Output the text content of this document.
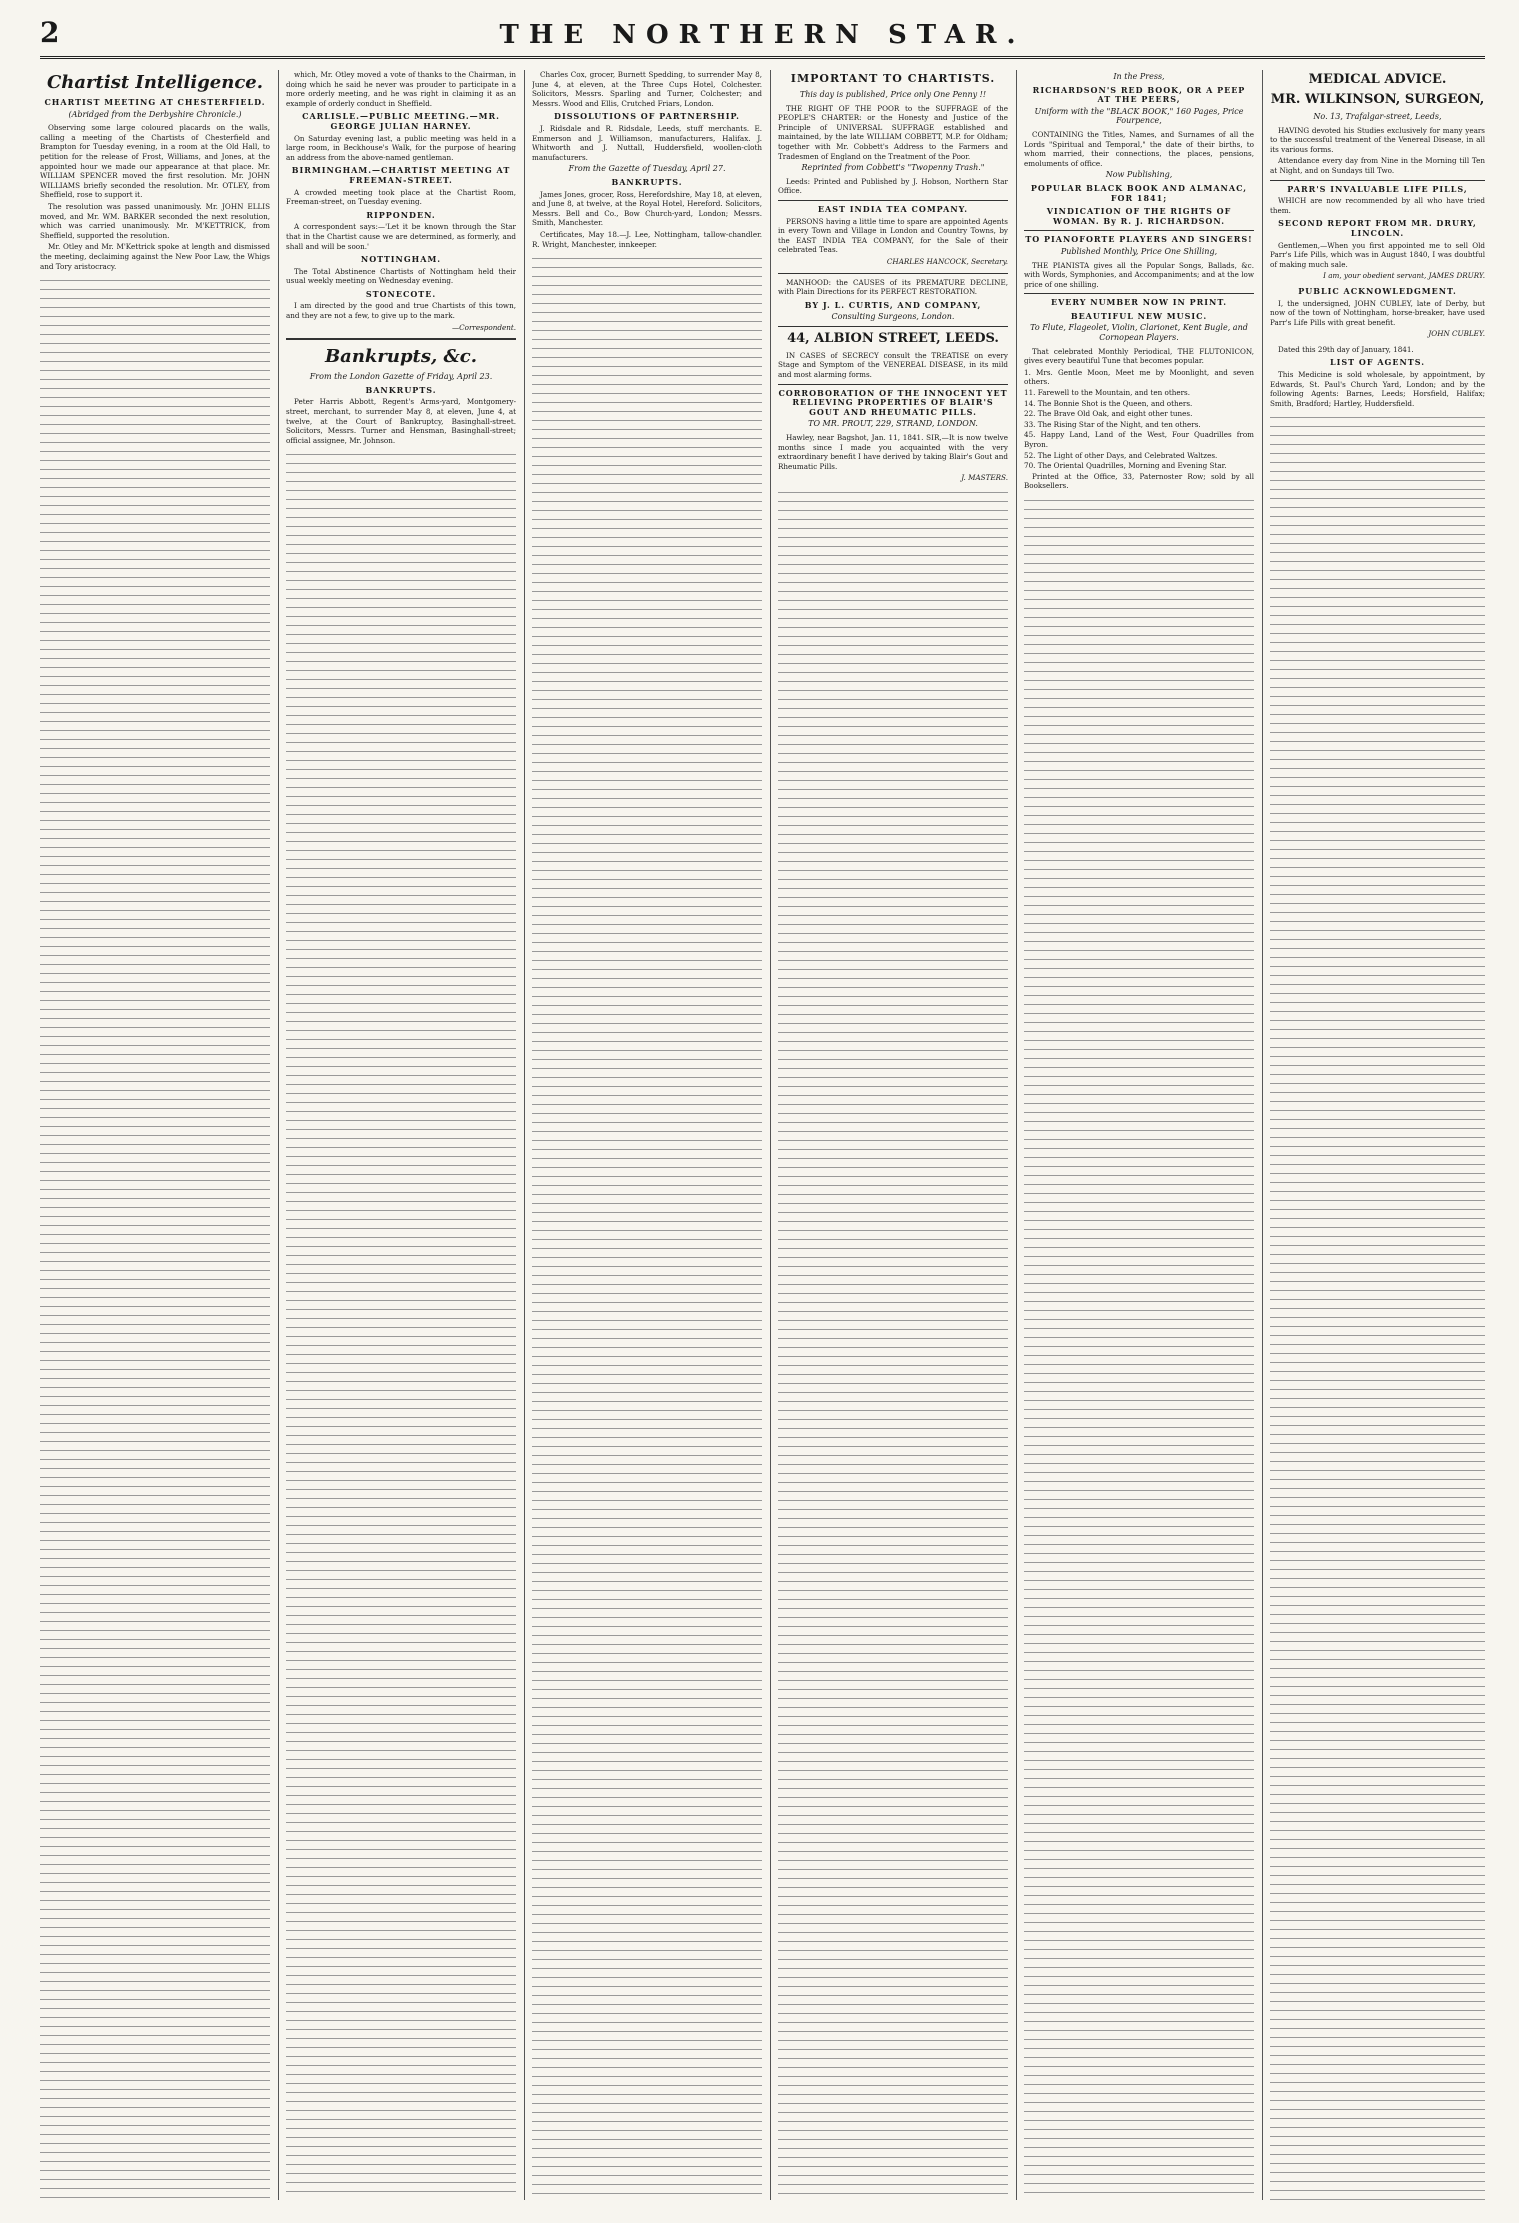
2	THE NORTHERN STAR.
Chartist Intelligence.
CHARTIST MEETING AT CHESTERFIELD.
(Abridged from the Derbyshire Chronicle.)

Observing some large coloured placards on the walls, calling a meeting of the Chartists of Chesterfield and Brampton for Tuesday evening, in a room at the Old Hall, to petition for the release of Frost, Williams, and Jones, at the appointed hour we made our appearance at that place. Mr. WILLIAM SPENCER moved the first resolution. Mr. JOHN WILLIAMS briefly seconded the resolution. Mr. OTLEY, from Sheffield, rose to support it.

The resolution was passed unanimously. Mr. JOHN ELLIS moved, and Mr. WM. BARKER seconded the next resolution, which was carried unanimously. Mr. M'KETTRICK, from Sheffield, supported the resolution.

Mr. Otley and Mr. M'Kettrick spoke at length and dismissed the meeting, declaiming against the New Poor Law, the Whigs and Tory aristocracy.

which, Mr. Otley moved a vote of thanks to the Chairman, in doing which he said he never was prouder to participate in a more orderly meeting, and he was right in claiming it as an example of orderly conduct in Sheffield.

CARLISLE.—PUBLIC MEETING.—MR. GEORGE JULIAN HARNEY.

On Saturday evening last, a public meeting was held in a large room, in Beckhouse's Walk, for the purpose of hearing an address from the above-named gentleman.

BIRMINGHAM.—CHARTIST MEETING AT FREEMAN-STREET.

A crowded meeting took place at the Chartist Room, Freeman-street, on Tuesday evening.

RIPPONDEN.

A correspondent says:—'Let it be known through the Star that in the Chartist cause we are determined, as formerly, and shall and will be soon.'

NOTTINGHAM.

The Total Abstinence Chartists of Nottingham held their usual weekly meeting on Wednesday evening.

STONECOTE.

I am directed by the good and true Chartists of this town, and they are not a few, to give up to the mark.

—Correspondent.
Bankrupts, &c.
From the London Gazette of Friday, April 23.
BANKRUPTS.

Peter Harris Abbott, Regent's Arms-yard, Montgomery-street, merchant, to surrender May 8, at eleven, June 4, at twelve, at the Court of Bankruptcy, Basinghall-street. Solicitors, Messrs. Turner and Hensman, Basinghall-street; official assignee, Mr. Johnson.

Charles Cox, grocer, Burnett Spedding, to surrender May 8, June 4, at eleven, at the Three Cups Hotel, Colchester. Solicitors, Messrs. Sparling and Turner, Colchester; and Messrs. Wood and Ellis, Crutched Friars, London.

DISSOLUTIONS OF PARTNERSHIP.

J. Ridsdale and R. Ridsdale, Leeds, stuff merchants. E. Emmerson and J. Williamson, manufacturers, Halifax. J. Whitworth and J. Nuttall, Huddersfield, woollen-cloth manufacturers.

From the Gazette of Tuesday, April 27.
BANKRUPTS.

James Jones, grocer, Ross, Herefordshire, May 18, at eleven, and June 8, at twelve, at the Royal Hotel, Hereford. Solicitors, Messrs. Bell and Co., Bow Church-yard, London; Messrs. Smith, Manchester.

Certificates, May 18.—J. Lee, Nottingham, tallow-chandler. R. Wright, Manchester, innkeeper.

IMPORTANT TO CHARTISTS.
This day is published, Price only One Penny !!

THE RIGHT OF THE POOR to the SUFFRAGE of the PEOPLE'S CHARTER: or the Honesty and Justice of the Principle of UNIVERSAL SUFFRAGE established and maintained, by the late WILLIAM COBBETT, M.P. for Oldham; together with Mr. Cobbett's Address to the Farmers and Tradesmen of England on the Treatment of the Poor.

Reprinted from Cobbett's "Twopenny Trash."

Leeds: Printed and Published by J. Hobson, Northern Star Office.

EAST INDIA TEA COMPANY.

PERSONS having a little time to spare are appointed Agents in every Town and Village in London and Country Towns, by the EAST INDIA TEA COMPANY, for the Sale of their celebrated Teas.

CHARLES HANCOCK, Secretary.

MANHOOD: the CAUSES of its PREMATURE DECLINE, with Plain Directions for its PERFECT RESTORATION.

BY J. L. CURTIS, AND COMPANY,
Consulting Surgeons, London.
44, ALBION STREET, LEEDS.

IN CASES of SECRECY consult the TREATISE on every Stage and Symptom of the VENEREAL DISEASE, in its mild and most alarming forms.

CORROBORATION OF THE INNOCENT YET RELIEVING PROPERTIES OF BLAIR'S GOUT AND RHEUMATIC PILLS.
TO MR. PROUT, 229, STRAND, LONDON.

Hawley, near Bagshot, Jan. 11, 1841. SIR,—It is now twelve months since I made you acquainted with the very extraordinary benefit I have derived by taking Blair's Gout and Rheumatic Pills.

J. MASTERS.
In the Press,
RICHARDSON'S RED BOOK, OR A PEEP AT THE PEERS,
Uniform with the "BLACK BOOK," 160 Pages, Price Fourpence,

CONTAINING the Titles, Names, and Surnames of all the Lords "Spiritual and Temporal," the date of their births, to whom married, their connections, the places, pensions, emoluments of office.

Now Publishing,
POPULAR BLACK BOOK AND ALMANAC, FOR 1841;
VINDICATION OF THE RIGHTS OF WOMAN. By R. J. RICHARDSON.
TO PIANOFORTE PLAYERS AND SINGERS!
Published Monthly, Price One Shilling,

THE PIANISTA gives all the Popular Songs, Ballads, &c. with Words, Symphonies, and Accompaniments; and at the low price of one shilling.

EVERY NUMBER NOW IN PRINT.
BEAUTIFUL NEW MUSIC.
To Flute, Flageolet, Violin, Clarionet, Kent Bugle, and Cornopean Players.

That celebrated Monthly Periodical, THE FLUTONICON, gives every beautiful Tune that becomes popular.

1. Mrs. Gentle Moon, Meet me by Moonlight, and seven others.
11. Farewell to the Mountain, and ten others.
14. The Bonnie Shot is the Queen, and others.
22. The Brave Old Oak, and eight other tunes.
33. The Rising Star of the Night, and ten others.
45. Happy Land, Land of the West, Four Quadrilles from Byron.
52. The Light of other Days, and Celebrated Waltzes.
70. The Oriental Quadrilles, Morning and Evening Star.

Printed at the Office, 33, Paternoster Row; sold by all Booksellers.

MEDICAL ADVICE.
MR. WILKINSON, SURGEON,
No. 13, Trafalgar-street, Leeds,

HAVING devoted his Studies exclusively for many years to the successful treatment of the Venereal Disease, in all its various forms.

Attendance every day from Nine in the Morning till Ten at Night, and on Sundays till Two.

PARR'S INVALUABLE LIFE PILLS,

WHICH are now recommended by all who have tried them.

SECOND REPORT FROM MR. DRURY, LINCOLN.

Gentlemen,—When you first appointed me to sell Old Parr's Life Pills, which was in August 1840, I was doubtful of making much sale.

I am, your obedient servant, JAMES DRURY.
PUBLIC ACKNOWLEDGMENT.

I, the undersigned, JOHN CUBLEY, late of Derby, but now of the town of Nottingham, horse-breaker, have used Parr's Life Pills with great benefit.

JOHN CUBLEY.

Dated this 29th day of January, 1841.

LIST OF AGENTS.

This Medicine is sold wholesale, by appointment, by Edwards, St. Paul's Church Yard, London; and by the following Agents: Barnes, Leeds; Horsfield, Halifax; Smith, Bradford; Hartley, Huddersfield.
